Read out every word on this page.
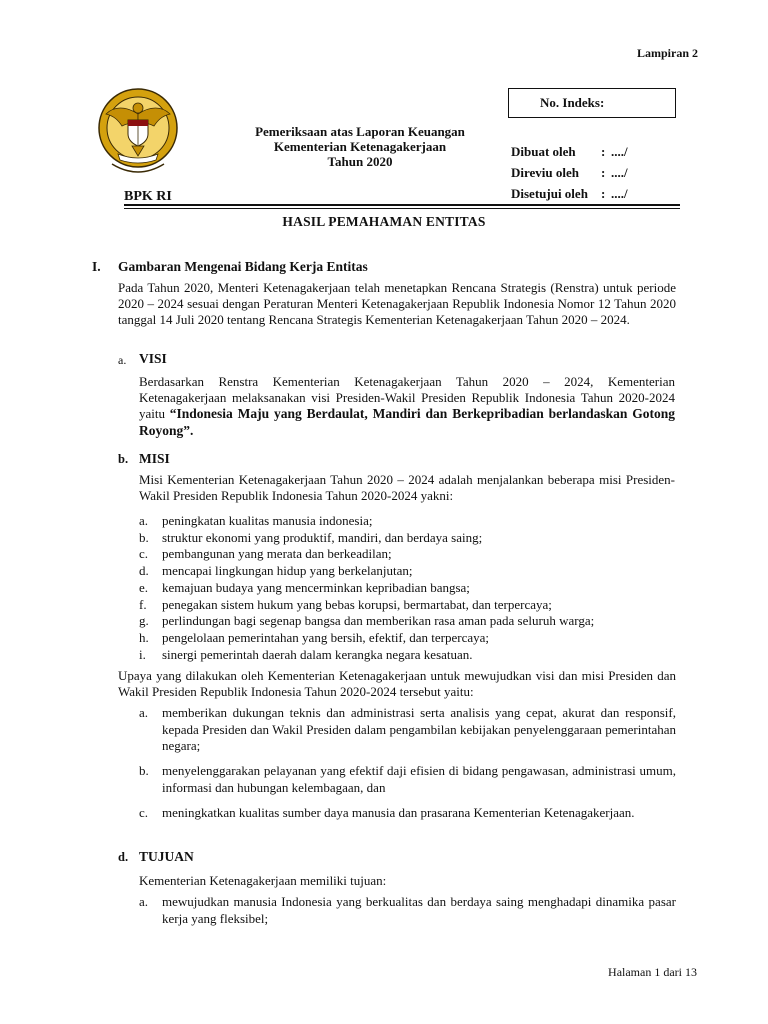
Lampiran 2
BPK RI
Pemeriksaan atas Laporan Keuangan
Kementerian Ketenagakerjaan
Tahun 2020
No. Indeks:
Dibuat oleh	: ..../
Direviu oleh	: ..../
Disetujui oleh	: ..../
HASIL PEMAHAMAN ENTITAS
I. Gambaran Mengenai Bidang Kerja Entitas
Pada Tahun 2020, Menteri Ketenagakerjaan telah menetapkan Rencana Strategis (Renstra) untuk periode 2020 – 2024 sesuai dengan Peraturan Menteri Ketenagakerjaan Republik Indonesia Nomor 12 Tahun 2020 tanggal 14 Juli 2020 tentang Rencana Strategis Kementerian Ketenagakerjaan Tahun 2020 – 2024.
a. VISI
Berdasarkan Renstra Kementerian Ketenagakerjaan Tahun 2020 – 2024, Kementerian Ketenagakerjaan melaksanakan visi Presiden-Wakil Presiden Republik Indonesia Tahun 2020-2024 yaitu “Indonesia Maju yang Berdaulat, Mandiri dan Berkepribadian berlandaskan Gotong Royong”.
b. MISI
Misi Kementerian Ketenagakerjaan Tahun 2020 – 2024 adalah menjalankan beberapa misi Presiden-Wakil Presiden Republik Indonesia Tahun 2020-2024 yakni:
a.	peningkatan kualitas manusia indonesia;
b.	struktur ekonomi yang produktif, mandiri, dan berdaya saing;
c.	pembangunan yang merata dan berkeadilan;
d.	mencapai lingkungan hidup yang berkelanjutan;
e.	kemajuan budaya yang mencerminkan kepribadian bangsa;
f.	penegakan sistem hukum yang bebas korupsi, bermartabat, dan terpercaya;
g.	perlindungan bagi segenap bangsa dan memberikan rasa aman pada seluruh warga;
h.	pengelolaan pemerintahan yang bersih, efektif, dan terpercaya;
i.	sinergi pemerintah daerah dalam kerangka negara kesatuan.
Upaya yang dilakukan oleh Kementerian Ketenagakerjaan untuk mewujudkan visi dan misi Presiden dan Wakil Presiden Republik Indonesia Tahun 2020-2024 tersebut yaitu:
a.	memberikan dukungan teknis dan administrasi serta analisis yang cepat, akurat dan responsif, kepada Presiden dan Wakil Presiden dalam pengambilan kebijakan penyelenggaraan pemerintahan negara;
b.	menyelenggarakan pelayanan yang efektif daji efisien di bidang pengawasan, administrasi umum, informasi dan hubungan kelembagaan, dan
c.	meningkatkan kualitas sumber daya manusia dan prasarana Kementerian Ketenagakerjaan.
d. TUJUAN
Kementerian Ketenagakerjaan memiliki tujuan:
a.	mewujudkan manusia Indonesia yang berkualitas dan berdaya saing menghadapi dinamika pasar kerja yang fleksibel;
Halaman 1 dari 13
